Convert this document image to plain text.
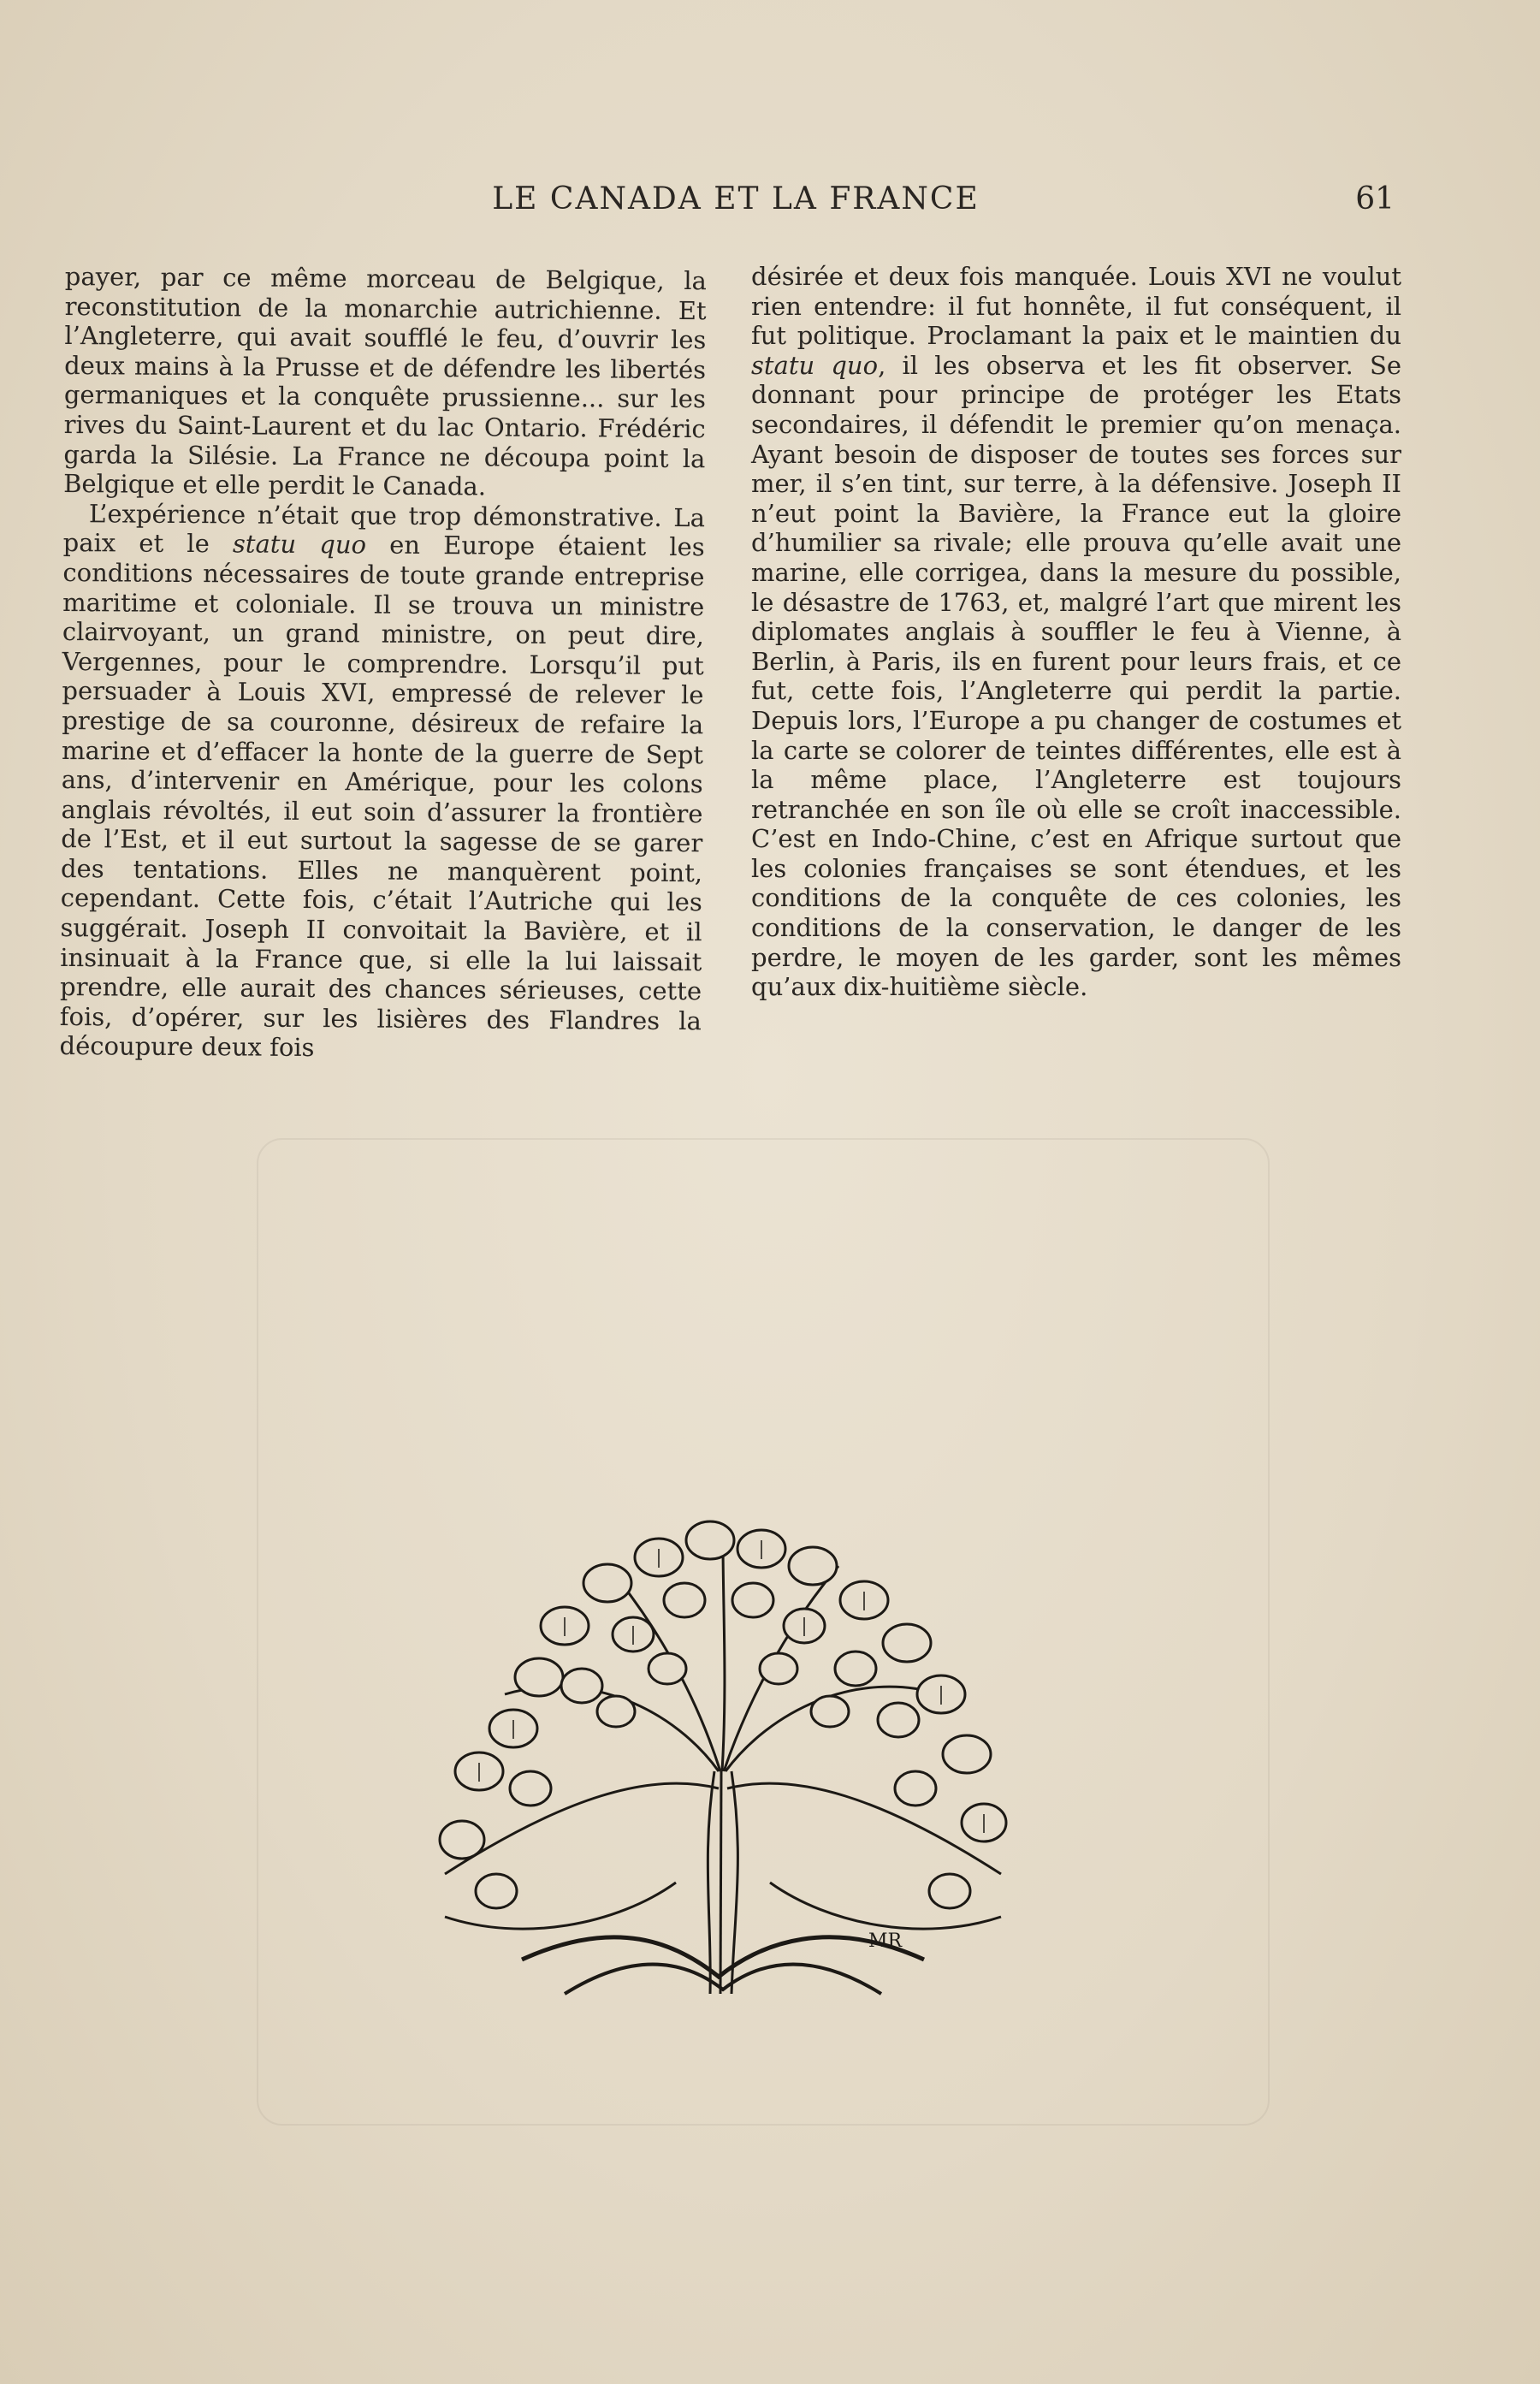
LE CANADA ET LA FRANCE	61

payer, par ce même morceau de Belgique, la reconstitution de la monarchie autrichienne. Et l’Angleterre, qui avait soufflé le feu, d’ouvrir les deux mains à la Prusse et de défendre les libertés germaniques et la conquête prussienne... sur les rives du Saint-Laurent et du lac Ontario. Frédéric garda la Silésie. La France ne découpa point la Belgique et elle perdit le Canada.

L’expérience n’était que trop démonstrative. La paix et le statu quo en Europe étaient les conditions nécessaires de toute grande entreprise maritime et coloniale. Il se trouva un ministre clairvoyant, un grand ministre, on peut dire, Vergennes, pour le comprendre. Lorsqu’il put persuader à Louis XVI, empressé de relever le prestige de sa couronne, désireux de refaire la marine et d’effacer la honte de la guerre de Sept ans, d’intervenir en Amérique, pour les colons anglais révoltés, il eut soin d’assurer la frontière de l’Est, et il eut surtout la sagesse de se garer des tentations. Elles ne manquèrent point, cependant. Cette fois, c’était l’Autriche qui les suggérait. Joseph II convoitait la Bavière, et il insinuait à la France que, si elle la lui laissait prendre, elle aurait des chances sérieuses, cette fois, d’opérer, sur les lisières des Flandres la découpure deux fois

désirée et deux fois manquée. Louis XVI ne voulut rien entendre: il fut honnête, il fut conséquent, il fut politique. Proclamant la paix et le maintien du statu quo, il les observa et les fit observer. Se donnant pour principe de protéger les Etats secondaires, il défendit le premier qu’on menaça. Ayant besoin de disposer de toutes ses forces sur mer, il s’en tint, sur terre, à la défensive. Joseph II n’eut point la Bavière, la France eut la gloire d’humilier sa rivale; elle prouva qu’elle avait une marine, elle corrigea, dans la mesure du possible, le désastre de 1763, et, malgré l’art que mirent les diplomates anglais à souffler le feu à Vienne, à Berlin, à Paris, ils en furent pour leurs frais, et ce fut, cette fois, l’Angleterre qui perdit la partie. Depuis lors, l’Europe a pu changer de costumes et la carte se colorer de teintes différentes, elle est à la même place, l’Angleterre est toujours retranchée en son île où elle se croît inaccessible. C’est en Indo-Chine, c’est en Afrique surtout que les colonies françaises se sont étendues, et les conditions de la conquête de ces colonies, les conditions de la conservation, le danger de les perdre, le moyen de les garder, sont les mêmes qu’aux dix-huitième siècle.

MR
